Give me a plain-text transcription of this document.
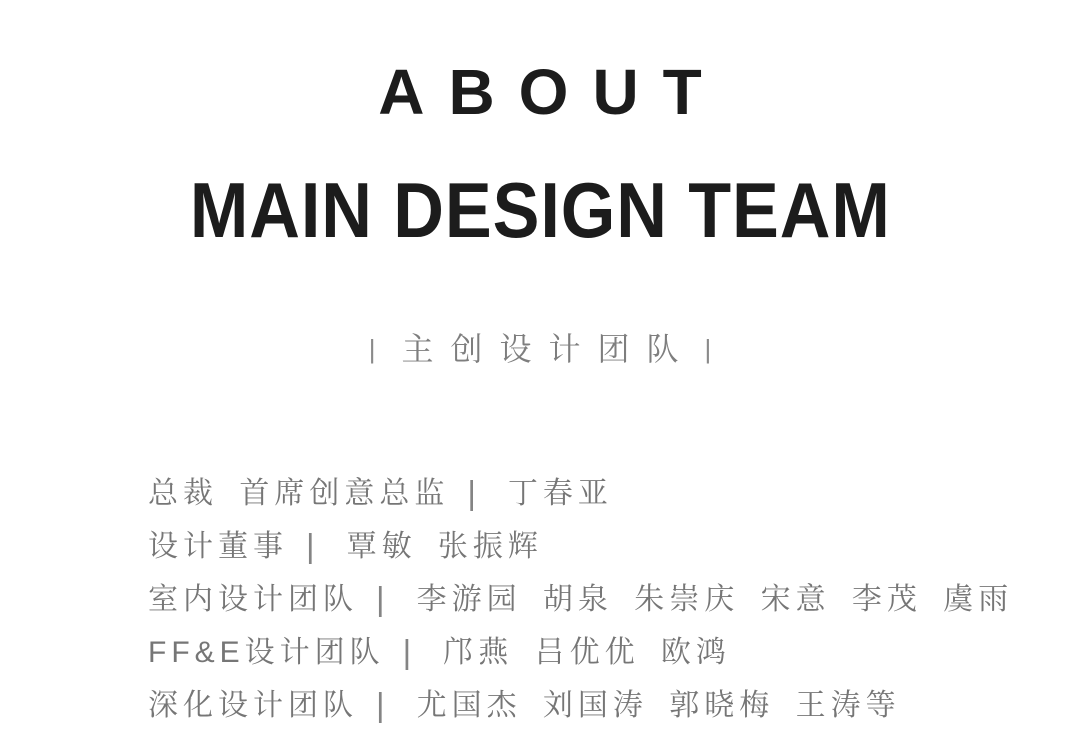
ABOUT
MAIN DESIGN TEAM
| 主创设计团队 |
总裁 首席创意总监 | 丁春亚
设计董事 | 覃敏 张振辉
室内设计团队 | 李游园 胡泉 朱崇庆 宋意 李茂 虞雨
FF&E设计团队 | 邝燕 吕优优 欧鸿
深化设计团队 | 尤国杰 刘国涛 郭晓梅 王涛等
